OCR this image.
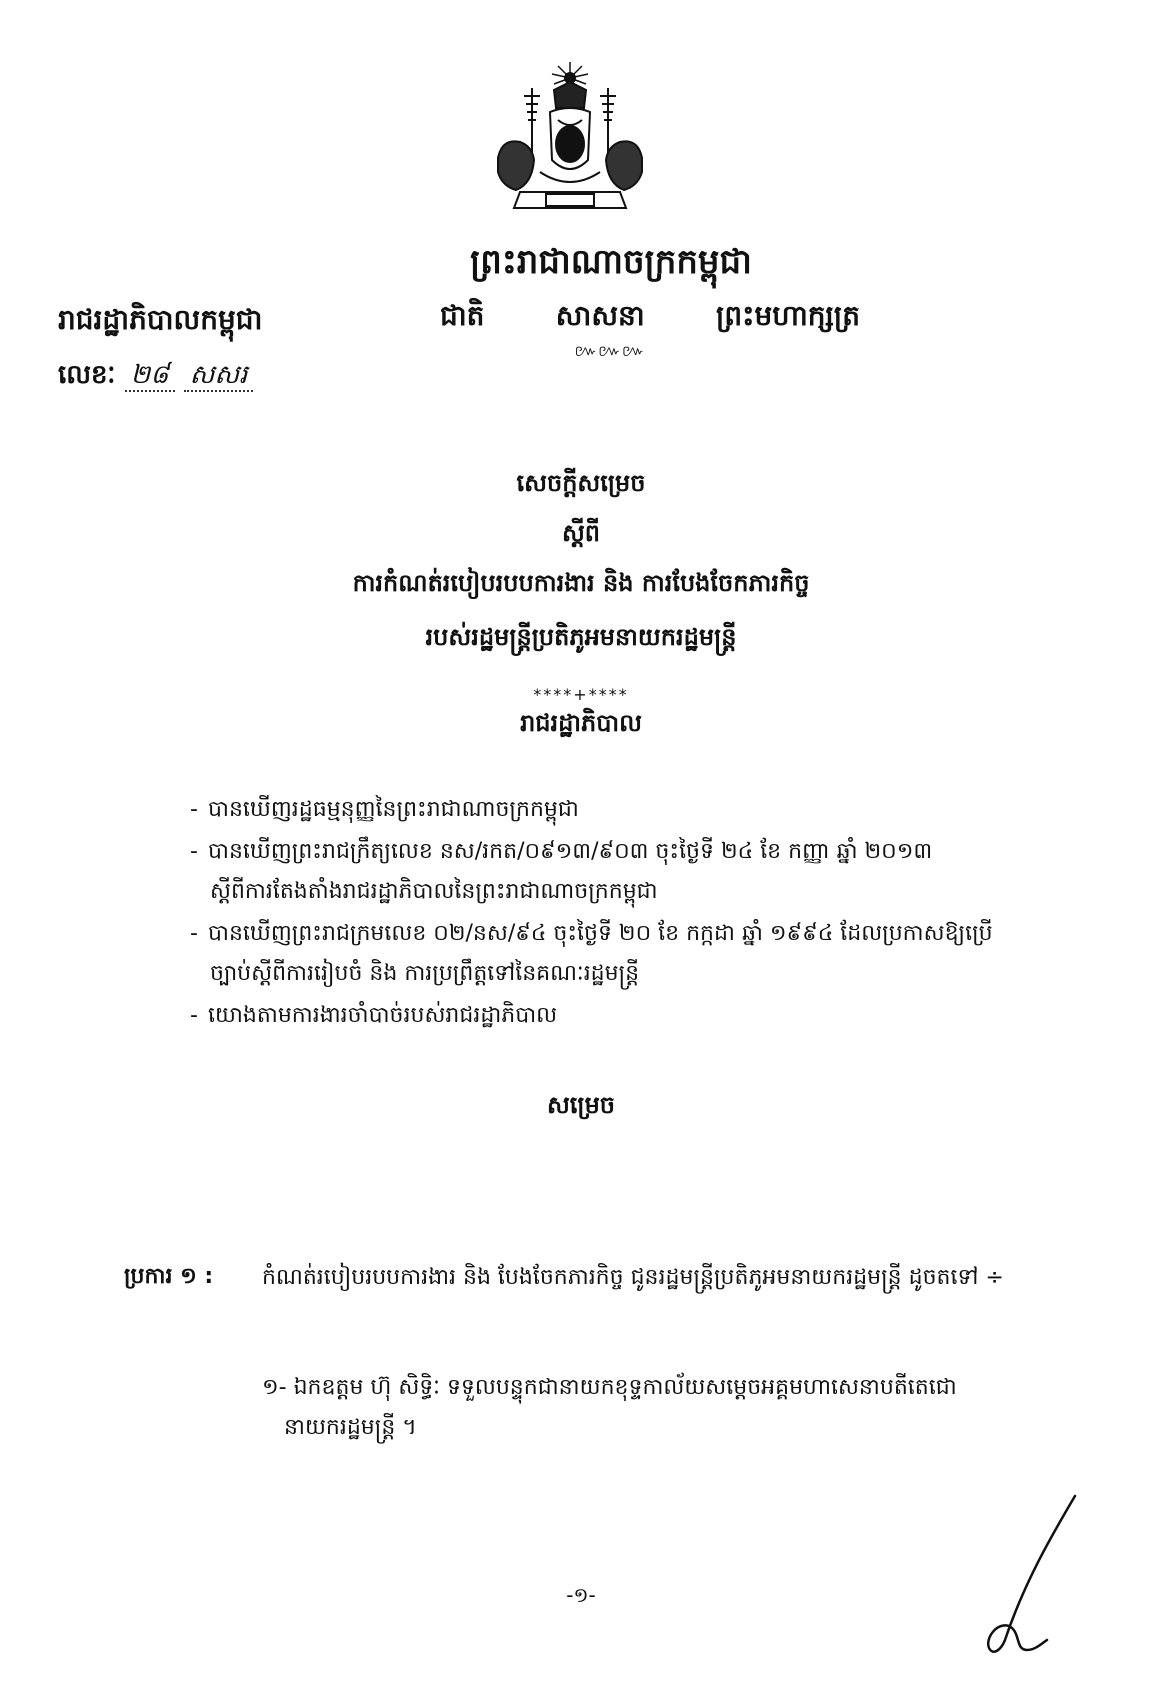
ព្រះរាជាណាចក្រកម្ពុជា
រាជរដ្ឋាភិបាលកម្ពុជា	ជាតិ	សាសនា	ព្រះមហាក្សត្រ
៚៚៚
លេខៈ ២៨ សសរ
សេចក្តីសម្រេច
ស្តីពី
ការកំណត់របៀបរបបការងារ និង ការបែងចែកភារកិច្ច
របស់រដ្ឋមន្ត្រីប្រតិភូអមនាយករដ្ឋមន្ត្រី
****+****
រាជរដ្ឋាភិបាល
- បានឃើញរដ្ឋធម្មនុញ្ញនៃព្រះរាជាណាចក្រកម្ពុជា
- បានឃើញព្រះរាជក្រឹត្យលេខ នស/រកត/០៩១៣/៩០៣ ចុះថ្ងៃទី ២៤ ខែ កញ្ញា ឆ្នាំ ២០១៣
ស្តីពីការតែងតាំងរាជរដ្ឋាភិបាលនៃព្រះរាជាណាចក្រកម្ពុជា
- បានឃើញព្រះរាជក្រមលេខ ០២/នស/៩៤ ចុះថ្ងៃទី ២០ ខែ កក្កដា ឆ្នាំ ១៩៩៤ ដែលប្រកាសឱ្យប្រើ
ច្បាប់ស្តីពីការរៀបចំ និង ការប្រព្រឹត្តទៅនៃគណៈរដ្ឋមន្ត្រី
- យោងតាមការងារចាំបាច់របស់រាជរដ្ឋាភិបាល
សម្រេច
ប្រការ ១ : កំណត់របៀបរបបការងារ និង បែងចែកភារកិច្ច ជូនរដ្ឋមន្ត្រីប្រតិភូអមនាយករដ្ឋមន្ត្រី ដូចតទៅ ÷
១- ឯកឧត្តម ហ៊ុ សិទ្ធិៈ ទទួលបន្ទុកជានាយកខុទ្ទកាល័យសម្តេចអគ្គមហាសេនាបតីតេជោ
នាយករដ្ឋមន្ត្រី ។
-១-
